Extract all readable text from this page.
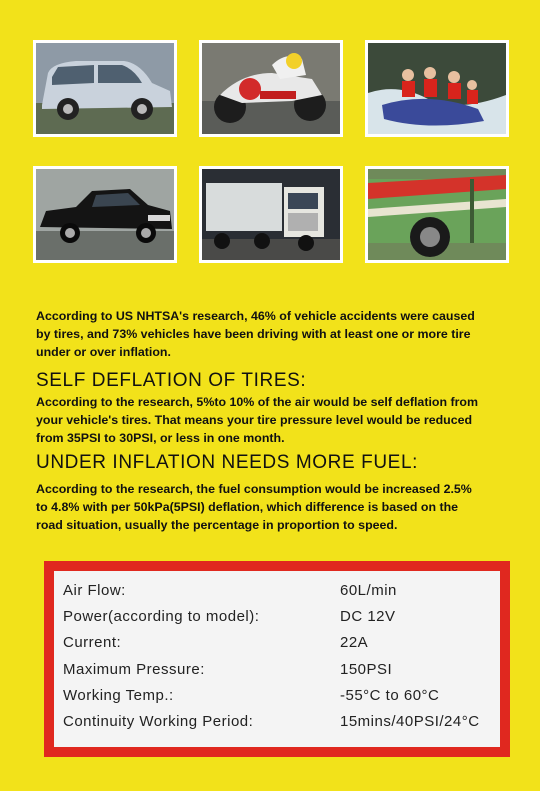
According to US NHTSA's research, 46% of vehicle accidents were caused
by tires, and 73% vehicles have been driving with at least one or more tire
under or over inflation.
SELF DEFLATION OF TIRES:
According to the research, 5%to 10% of the air would be self deflation from
your vehicle's tires. That means your tire pressure level would be reduced
from 35PSI to 30PSI, or less in one month.
UNDER INFLATION NEEDS MORE FUEL:
According to the research, the fuel consumption would be increased 2.5%
to 4.8% with per 50kPa(5PSI) deflation, which difference is based on the
road situation, usually the percentage in proportion to speed.
Air Flow:	60L/min
Power(according to model):	DC 12V
Current:	22A
Maximum Pressure:	150PSI
Working Temp.:	-55°C to 60°C
Continuity Working Period:	15mins/40PSI/24°C
